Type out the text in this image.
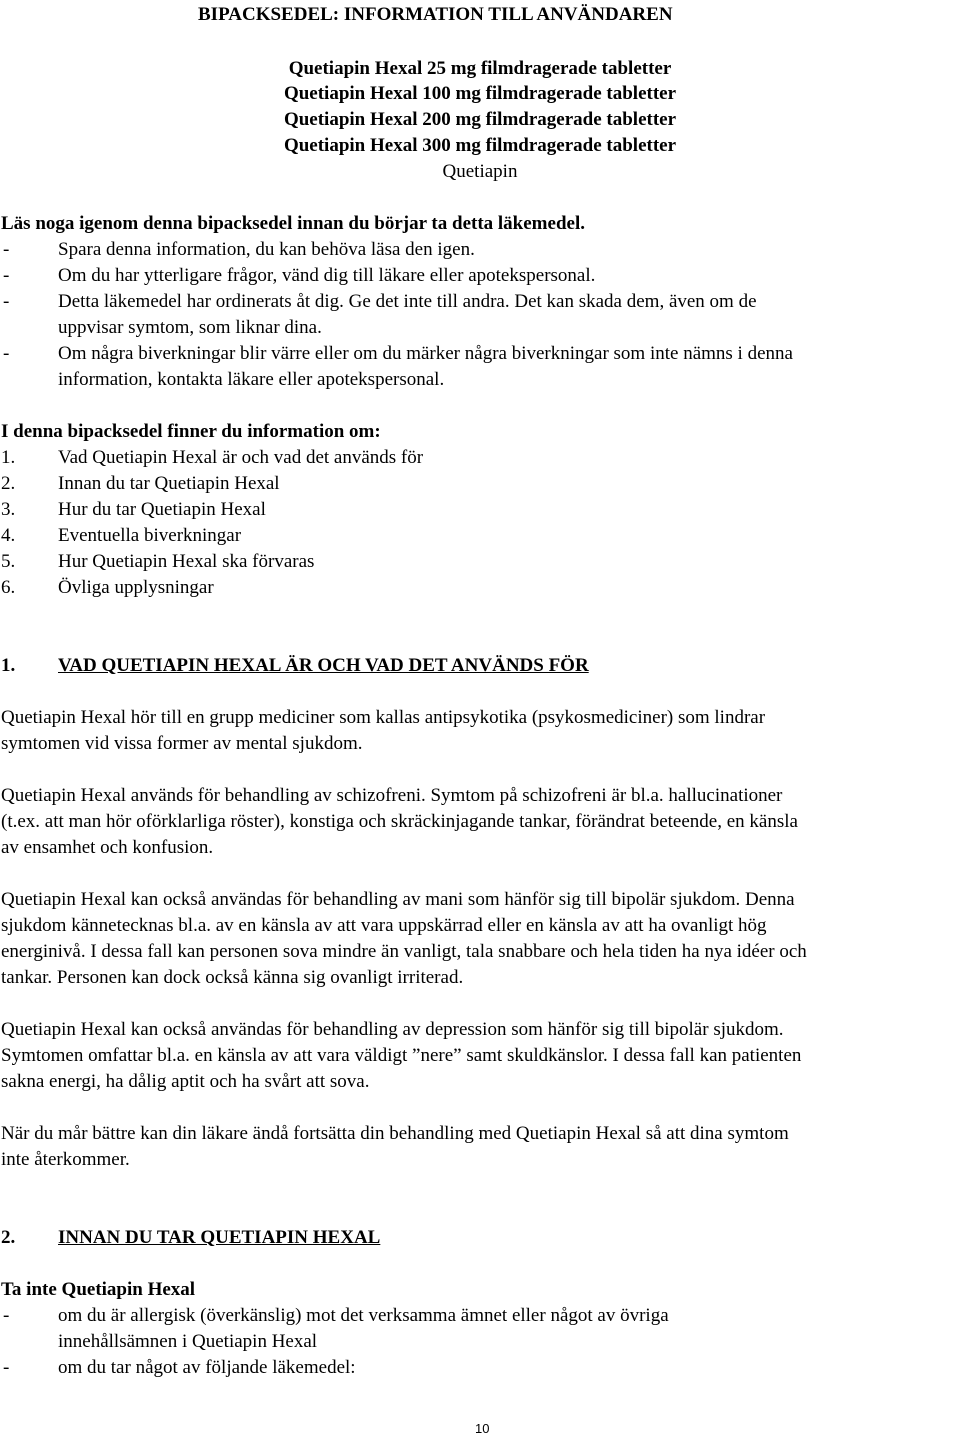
BIPACKSEDEL: INFORMATION TILL ANVÄNDAREN
Quetiapin Hexal 25 mg filmdragerade tabletter
Quetiapin Hexal 100 mg filmdragerade tabletter
Quetiapin Hexal 200 mg filmdragerade tabletter
Quetiapin Hexal 300 mg filmdragerade tabletter
Quetiapin
Läs noga igenom denna bipacksedel innan du börjar ta detta läkemedel.
-	Spara denna information, du kan behöva läsa den igen.
-	Om du har ytterligare frågor, vänd dig till läkare eller apotekspersonal.
-	Detta läkemedel har ordinerats åt dig. Ge det inte till andra. Det kan skada dem, även om de
uppvisar symtom, som liknar dina.
-	Om några biverkningar blir värre eller om du märker några biverkningar som inte nämns i denna
information, kontakta läkare eller apotekspersonal.
I denna bipacksedel finner du information om:
1. Vad Quetiapin Hexal är och vad det används för
2. Innan du tar Quetiapin Hexal
3. Hur du tar Quetiapin Hexal
4. Eventuella biverkningar
5. Hur Quetiapin Hexal ska förvaras
6. Övliga upplysningar
1. VAD QUETIAPIN HEXAL ÄR OCH VAD DET ANVÄNDS FÖR
Quetiapin Hexal hör till en grupp mediciner som kallas antipsykotika (psykosmediciner) som lindrar
symtomen vid vissa former av mental sjukdom.
Quetiapin Hexal används för behandling av schizofreni. Symtom på schizofreni är bl.a. hallucinationer
(t.ex. att man hör oförklarliga röster), konstiga och skräckinjagande tankar, förändrat beteende, en känsla
av ensamhet och konfusion.
Quetiapin Hexal kan också användas för behandling av mani som hänför sig till bipolär sjukdom. Denna
sjukdom kännetecknas bl.a. av en känsla av att vara uppskärrad eller en känsla av att ha ovanligt hög
energinivå. I dessa fall kan personen sova mindre än vanligt, tala snabbare och hela tiden ha nya idéer och
tankar. Personen kan dock också känna sig ovanligt irriterad.
Quetiapin Hexal kan också användas för behandling av depression som hänför sig till bipolär sjukdom.
Symtomen omfattar bl.a. en känsla av att vara väldigt ”nere” samt skuldkänslor. I dessa fall kan patienten
sakna energi, ha dålig aptit och ha svårt att sova.
När du mår bättre kan din läkare ändå fortsätta din behandling med Quetiapin Hexal så att dina symtom
inte återkommer.
2. INNAN DU TAR QUETIAPIN HEXAL
Ta inte Quetiapin Hexal
-	om du är allergisk (överkänslig) mot det verksamma ämnet eller något av övriga
innehållsämnen i Quetiapin Hexal
-	om du tar något av följande läkemedel:
10
